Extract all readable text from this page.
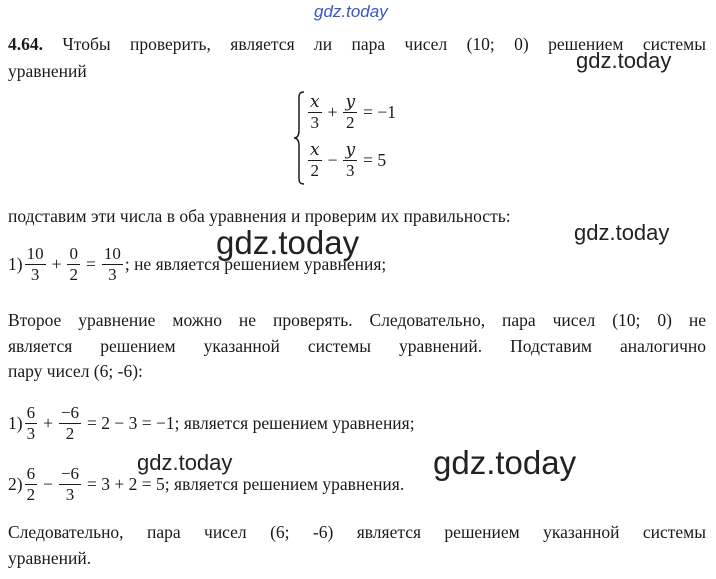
gdz.today
gdz.today
gdz.today	gdz.today
gdz.today	gdz.today
4.64. Чтобы проверить, является ли пара чисел (10; 0) решением системы
уравнений
$\frac{x}{3} + \frac{y}{2} = -1$
$\frac{x}{2} - \frac{y}{3} = 5$
подставим эти числа в оба уравнения и проверим их правильность:
$1) \frac{10}{3} + \frac{0}{2} = \frac{10}{3}$ ; не является решением уравнения;
Второе уравнение можно не проверять. Следовательно, пара чисел (10; 0) не
является решением указанной системы уравнений. Подставим аналогично
пару чисел (6; -6):
$1) \frac{6}{3} + \frac{-6}{2} = 2 - 3 = -1$; является решением уравнения;
$2) \frac{6}{2} - \frac{-6}{3} = 3 + 2 = 5$; является решением уравнения.
Следовательно, пара чисел (6; -6) является решением указанной системы
уравнений.
